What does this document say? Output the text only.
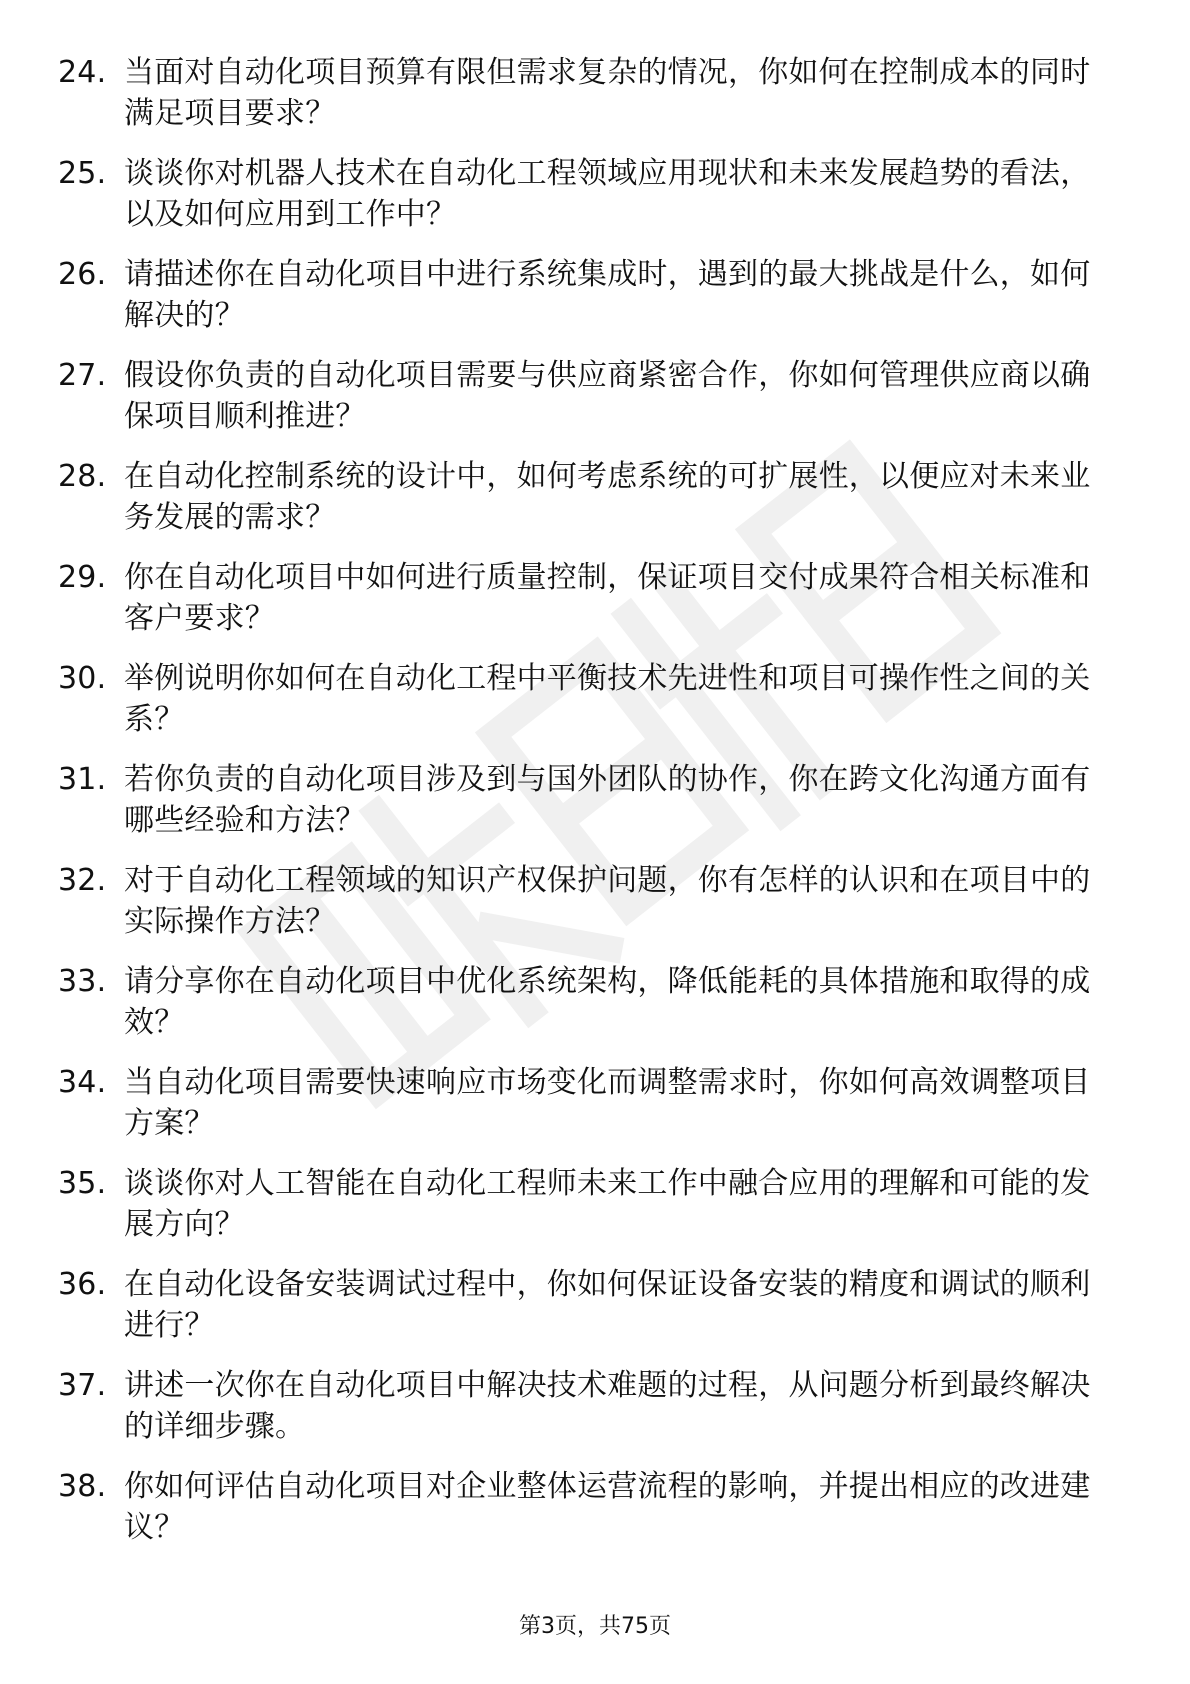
24. 当面对自动化项目预算有限但需求复杂的情况，你如何在控制成本的同时满足项目要求？
25. 谈谈你对机器人技术在自动化工程领域应用现状和未来发展趋势的看法，以及如何应用到工作中？
26. 请描述你在自动化项目中进行系统集成时，遇到的最大挑战是什么，如何解决的？
27. 假设你负责的自动化项目需要与供应商紧密合作，你如何管理供应商以确保项目顺利推进？
28. 在自动化控制系统的设计中，如何考虑系统的可扩展性，以便应对未来业务发展的需求？
29. 你在自动化项目中如何进行质量控制，保证项目交付成果符合相关标准和客户要求？
30. 举例说明你如何在自动化工程中平衡技术先进性和项目可操作性之间的关系？
31. 若你负责的自动化项目涉及到与国外团队的协作，你在跨文化沟通方面有哪些经验和方法？
32. 对于自动化工程领域的知识产权保护问题，你有怎样的认识和在项目中的实际操作方法？
33. 请分享你在自动化项目中优化系统架构，降低能耗的具体措施和取得的成效？
34. 当自动化项目需要快速响应市场变化而调整需求时，你如何高效调整项目方案？
35. 谈谈你对人工智能在自动化工程师未来工作中融合应用的理解和可能的发展方向？
36. 在自动化设备安装调试过程中，你如何保证设备安装的精度和调试的顺利进行？
37. 讲述一次你在自动化项目中解决技术难题的过程，从问题分析到最终解决的详细步骤。
38. 你如何评估自动化项目对企业整体运营流程的影响，并提出相应的改进建议？
第3页，共75页
